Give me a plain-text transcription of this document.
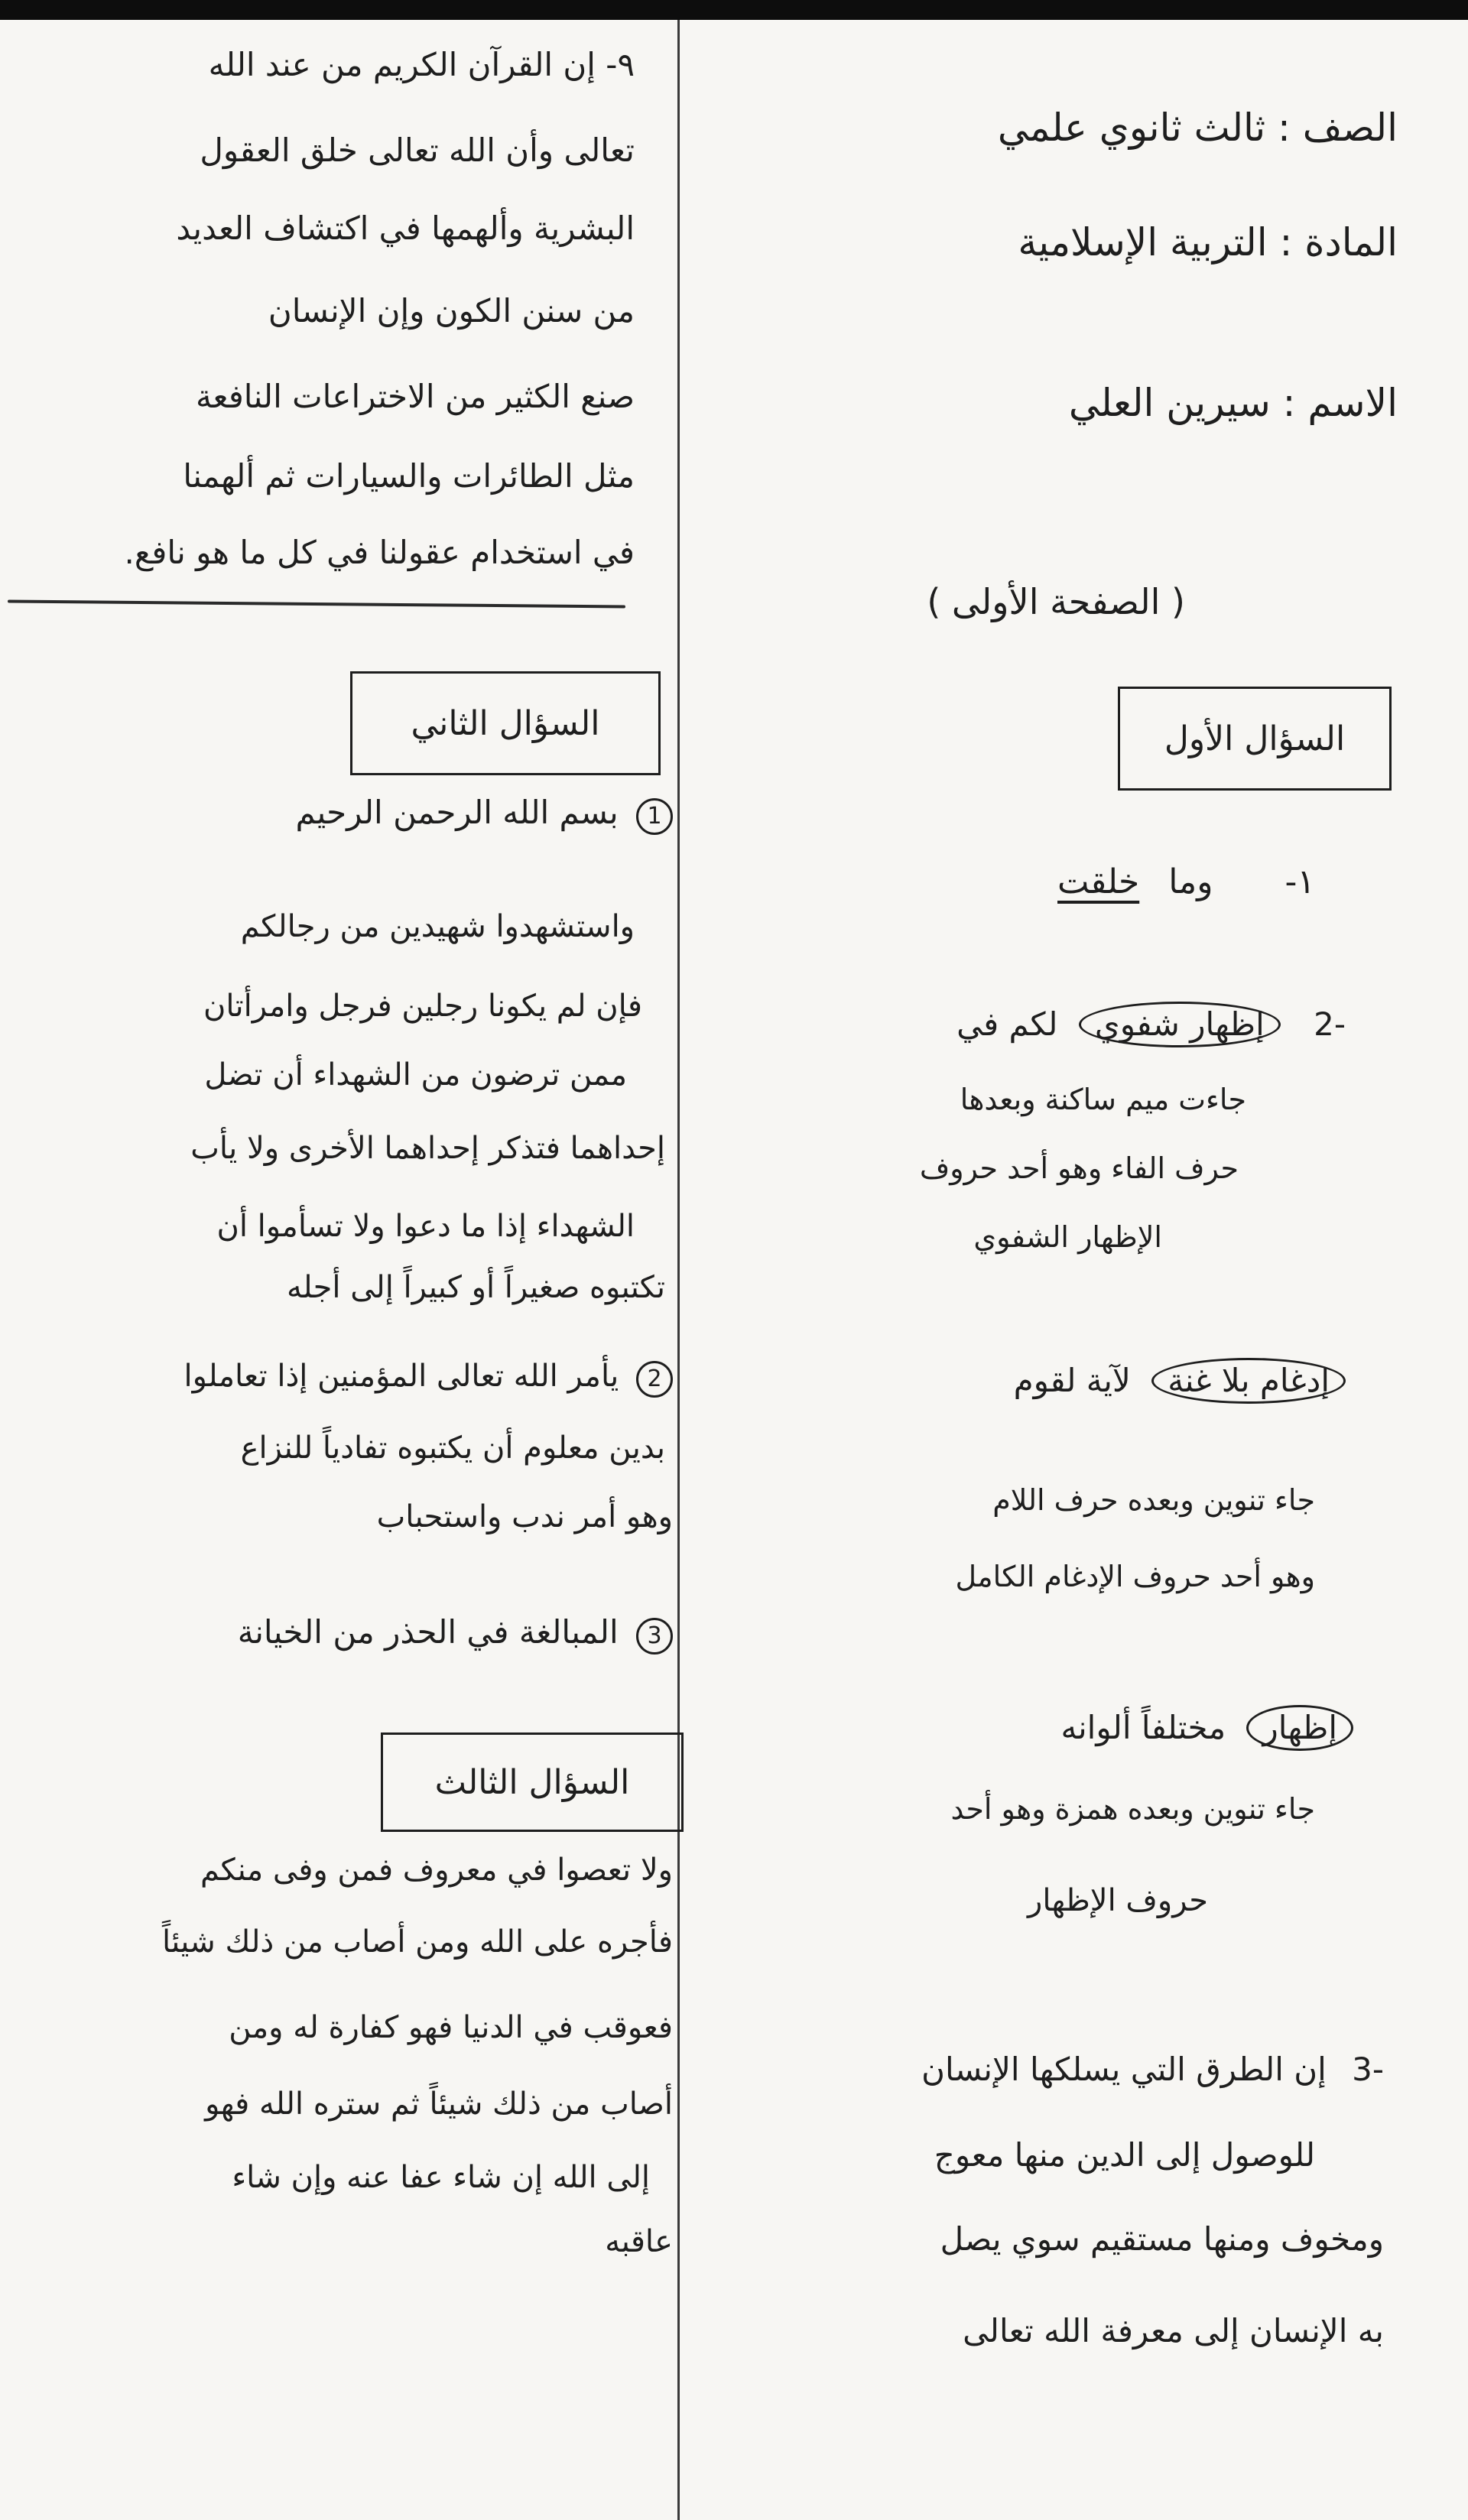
الصف : ثالث ثانوي علمي
المادة : التربية الإسلامية
الاسم : سيرين العلي
( الصفحة الأولى )
السؤال الأول
١- وما خلقت
-2 إظهار شفوي لكم في
جاءت ميم ساكنة وبعدها
حرف الفاء وهو أحد حروف
الإظهار الشفوي
إدغام بلا غنة لآية لقوم
جاء تنوين وبعده حرف اللام
وهو أحد حروف الإدغام الكامل
إظهار مختلفاً ألوانه
جاء تنوين وبعده همزة وهو أحد
حروف الإظهار
-3 إن الطرق التي يسلكها الإنسان
للوصول إلى الدين منها معوج
ومخوف ومنها مستقيم سوي يصل
به الإنسان إلى معرفة الله تعالى
٩- إن القرآن الكريم من عند الله
تعالى وأن الله تعالى خلق العقول
البشرية وألهمها في اكتشاف العديد
من سنن الكون وإن الإنسان
صنع الكثير من الاختراعات النافعة
مثل الطائرات والسيارات ثم ألهمنا
في استخدام عقولنا في كل ما هو نافع.
السؤال الثاني
1 بسم الله الرحمن الرحيم
واستشهدوا شهيدين من رجالكم
فإن لم يكونا رجلين فرجل وامرأتان
ممن ترضون من الشهداء أن تضل
إحداهما فتذكر إحداهما الأخرى ولا يأب
الشهداء إذا ما دعوا ولا تسأموا أن
تكتبوه صغيراً أو كبيراً إلى أجله
2 يأمر الله تعالى المؤمنين إذا تعاملوا
بدين معلوم أن يكتبوه تفادياً للنزاع
وهو أمر ندب واستحباب
3 المبالغة في الحذر من الخيانة
السؤال الثالث
ولا تعصوا في معروف فمن وفى منكم
فأجره على الله ومن أصاب من ذلك شيئاً
فعوقب في الدنيا فهو كفارة له ومن
أصاب من ذلك شيئاً ثم ستره الله فهو
إلى الله إن شاء عفا عنه وإن شاء
عاقبه
